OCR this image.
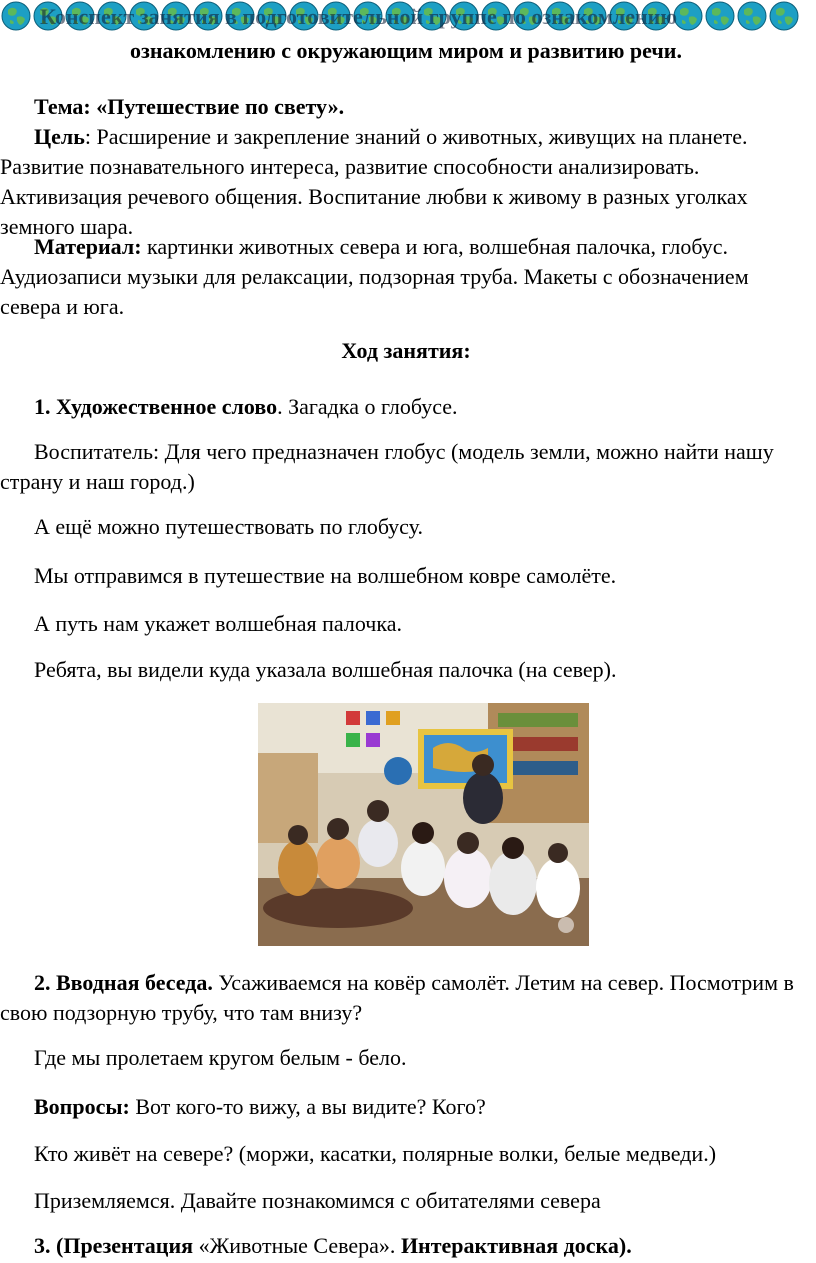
Конспект занятия в подготовительной группе по ознакомлению
ознакомлению с окружающим миром и развитию речи.
Тема: «Путешествие по свету».
Цель: Расширение и закрепление знаний о животных, живущих на планете. Развитие познавательного интереса, развитие способности анализировать. Активизация речевого общения. Воспитание любви к живому в разных уголках земного шара.
Материал: картинки животных севера и юга, волшебная палочка, глобус. Аудиозаписи музыки для релаксации, подзорная труба. Макеты с обозначением севера и юга.
Ход занятия:
1. Художественное слово. Загадка о глобусе.
Воспитатель: Для чего предназначен глобус (модель земли, можно найти нашу страну и наш город.)
А ещё можно путешествовать по глобусу.
Мы отправимся в путешествие на волшебном ковре самолёте.
А путь нам укажет волшебная палочка.
Ребята, вы видели куда указала волшебная палочка (на север).
2. Вводная беседа. Усаживаемся на ковёр самолёт. Летим на север. Посмотрим в свою подзорную трубу, что там внизу?
Где мы пролетаем кругом белым - бело.
Вопросы: Вот кого-то вижу, а вы видите? Кого?
Кто живёт на севере? (моржи, касатки, полярные волки, белые медведи.)
Приземляемся. Давайте познакомимся с обитателями севера
3. (Презентация «Животные Севера». Интерактивная доска).
